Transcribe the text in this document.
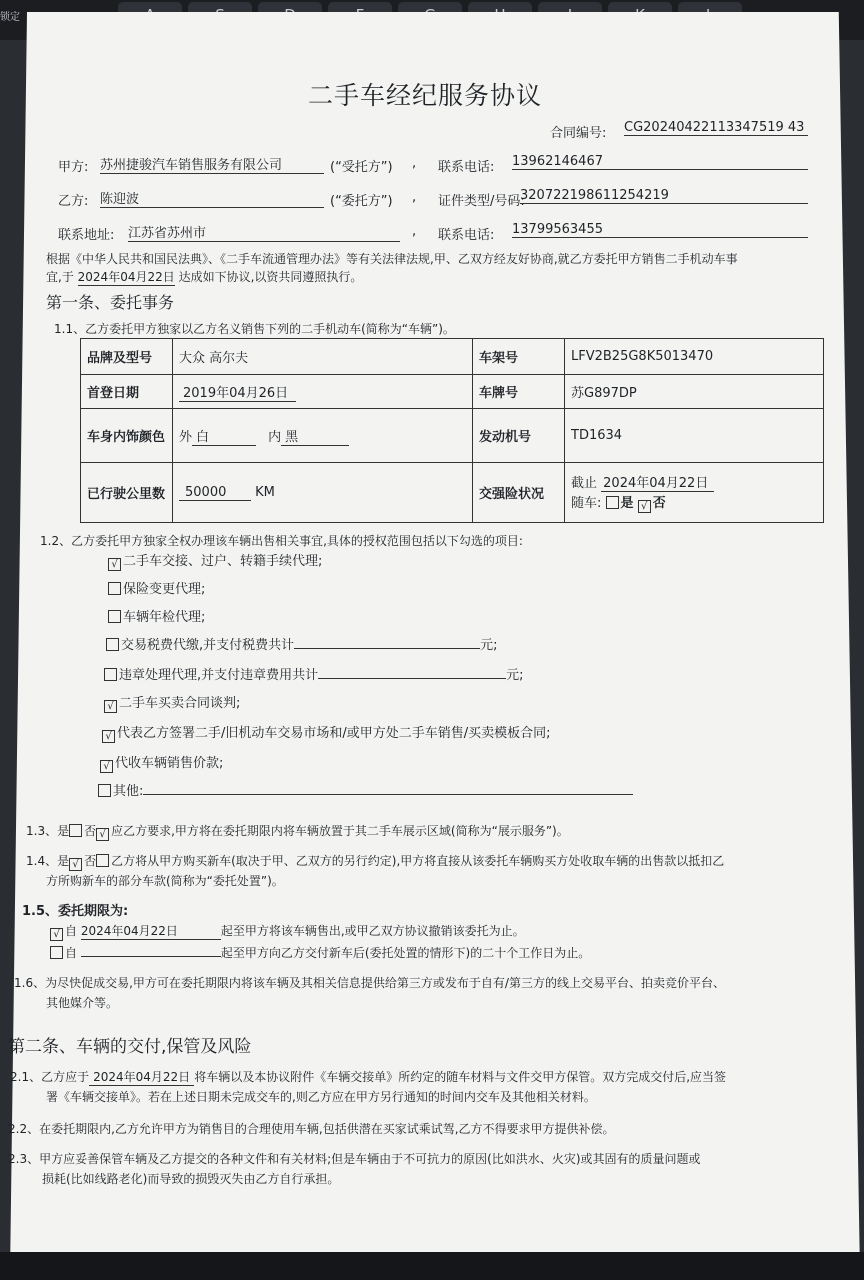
锁定
二手车经纪服务协议
合同编号: CG20240422113347519 43
甲方: 苏州捷骏汽车销售服务有限公司	(“受托方”) , 联系电话: 13962146467
乙方: 陈迎波	(“委托方”) , 证件类型/号码:
320722198611254219
联系地址: 江苏省苏州市	, 联系电话: 13799563455
根据《中华人民共和国民法典》、《二手车流通管理办法》等有关法律法规,甲、乙双方经友好协商,就乙方委托甲方销售二手机动车事
宜,于 2024年04月22日 达成如下协议,以资共同遵照执行。
第一条、委托事务
1.1、乙方委托甲方独家以乙方名义销售下列的二手机动车(简称为“车辆”)。
品牌及型号	大众 高尔夫	车架号	LFV2B25G8K5013470
首登日期	2019年04月26日	车牌号	苏G897DP
车身内饰颜色	外 白 内 黑	发动机号	TD1634
已行驶公里数	50000 KM	交强险状况	截止 2024年04月22日
随车: 是 √ 否
1.2、乙方委托甲方独家全权办理该车辆出售相关事宜,具体的授权范围包括以下勾选的项目:
√ 二手车交接、过户、转籍手续代理;
保险变更代理;
车辆年检代理;
交易税费代缴,并支付税费共计	元;
违章处理代理,并支付违章费用共计	元;
√ 二手车买卖合同谈判;
√ 代表乙方签署二手/旧机动车交易市场和/或甲方处二手车销售/买卖模板合同;
√ 代收车辆销售价款;
其他:
1.3、是 否 √ 应乙方要求,甲方将在委托期限内将车辆放置于其二手车展示区域(简称为“展示服务”)。
1.4、是 √ 否 乙方将从甲方购买新车(取决于甲、乙双方的另行约定),甲方将直接从该委托车辆购买方处收取车辆的出售款以抵扣乙
方所购新车的部分车款(简称为“委托处置”)。
1.5、委托期限为:
√ 自 2024年04月22日	起至甲方将该车辆售出,或甲乙双方协议撤销该委托为止。
自	起至甲方向乙方交付新车后(委托处置的情形下)的二十个工作日为止。
1.6、为尽快促成交易,甲方可在委托期限内将该车辆及其相关信息提供给第三方或发布于自有/第三方的线上交易平台、拍卖竞价平台、
其他媒介等。
第二条、车辆的交付,保管及风险
2.1、乙方应于 2024年04月22日 将车辆以及本协议附件《车辆交接单》所约定的随车材料与文件交甲方保管。双方完成交付后,应当签
署《车辆交接单》。若在上述日期未完成交车的,则乙方应在甲方另行通知的时间内交车及其他相关材料。
2.2、在委托期限内,乙方允许甲方为销售目的合理使用车辆,包括供潜在买家试乘试驾,乙方不得要求甲方提供补偿。
2.3、甲方应妥善保管车辆及乙方提交的各种文件和有关材料;但是车辆由于不可抗力的原因(比如洪水、火灾)或其固有的质量问题或
损耗(比如线路老化)而导致的损毁灭失由乙方自行承担。
